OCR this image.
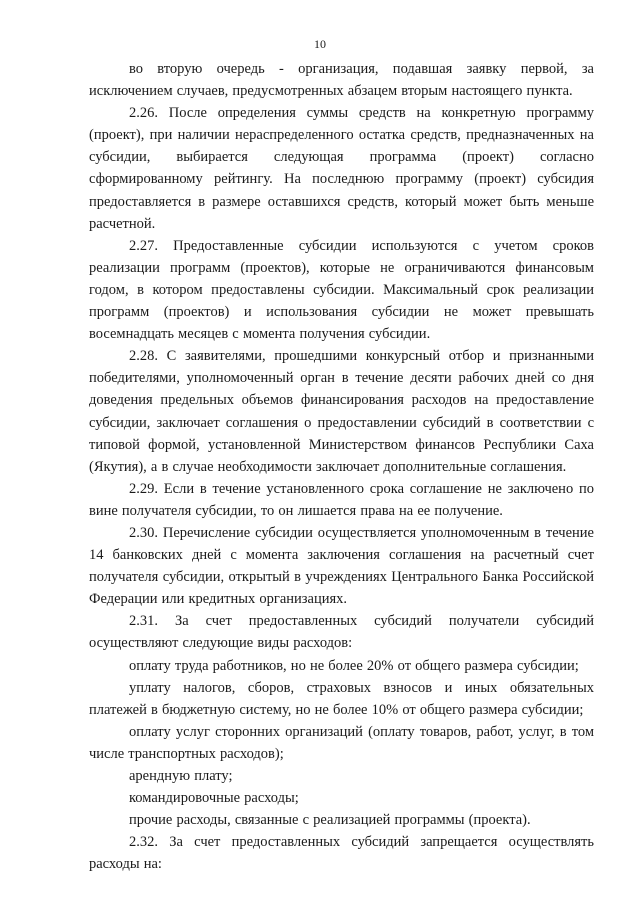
10

во вторую очередь - организация, подавшая заявку первой, за исключением случаев, предусмотренных абзацем вторым настоящего пункта.

2.26. После определения суммы средств на конкретную программу (проект), при наличии нераспределенного остатка средств, предназначенных на субсидии, выбирается следующая программа (проект) согласно сформированному рейтингу. На последнюю программу (проект) субсидия предоставляется в размере оставшихся средств, который может быть меньше расчетной.

2.27. Предоставленные субсидии используются с учетом сроков реализации программ (проектов), которые не ограничиваются финансовым годом, в котором предоставлены субсидии. Максимальный срок реализации программ (проектов) и использования субсидии не может превышать восемнадцать месяцев с момента получения субсидии.

2.28. С заявителями, прошедшими конкурсный отбор и признанными победителями, уполномоченный орган в течение десяти рабочих дней со дня доведения предельных объемов финансирования расходов на предоставление субсидии, заключает соглашения о предоставлении субсидий в соответствии с типовой формой, установленной Министерством финансов Республики Саха (Якутия), а в случае необходимости заключает дополнительные соглашения.

2.29. Если в течение установленного срока соглашение не заключено по вине получателя субсидии, то он лишается права на ее получение.

2.30. Перечисление субсидии осуществляется уполномоченным в течение 14 банковских дней с момента заключения соглашения на расчетный счет получателя субсидии, открытый в учреждениях Центрального Банка Российской Федерации или кредитных организациях.

2.31. За счет предоставленных субсидий получатели субсидий осуществляют следующие виды расходов:

оплату труда работников, но не более 20% от общего размера субсидии;

уплату налогов, сборов, страховых взносов и иных обязательных платежей в бюджетную систему, но не более 10% от общего размера субсидии;

оплату услуг сторонних организаций (оплату товаров, работ, услуг, в том числе транспортных расходов);

арендную плату;

командировочные расходы;

прочие расходы, связанные с реализацией программы (проекта).

2.32. За счет предоставленных субсидий запрещается осуществлять расходы на:
